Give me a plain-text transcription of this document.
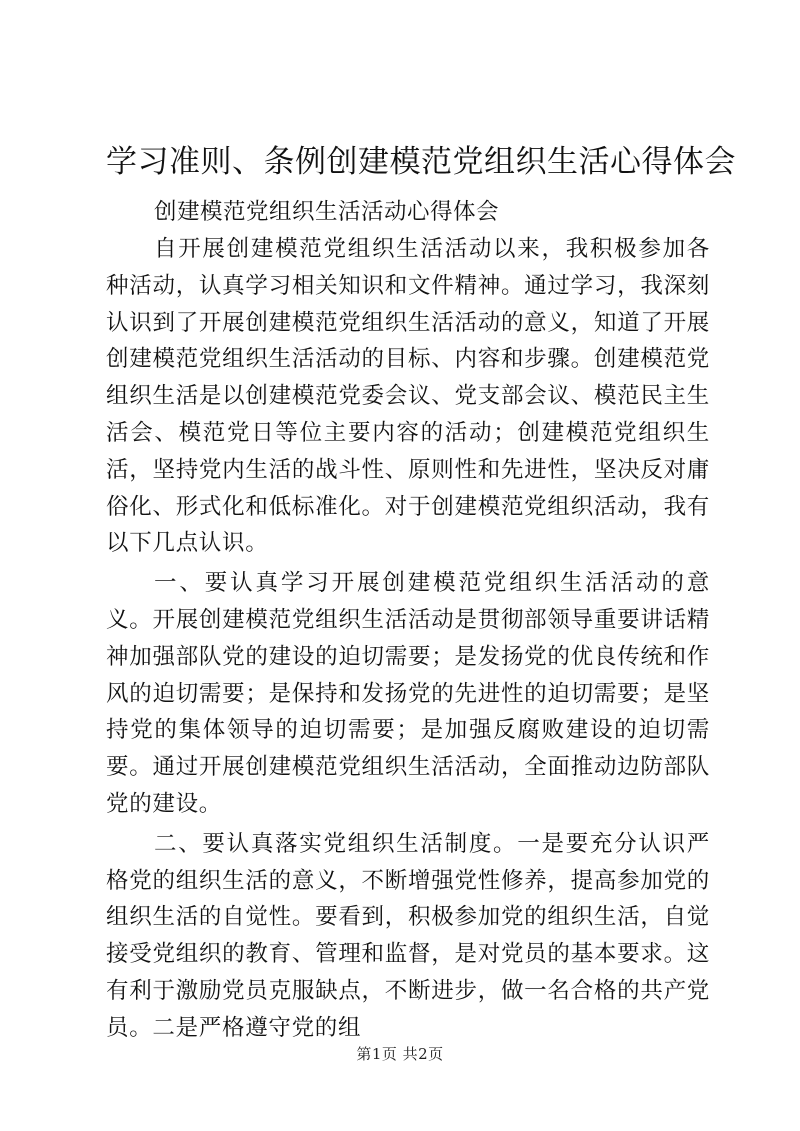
学习准则、条例创建模范党组织生活心得体会

创建模范党组织生活活动心得体会

自开展创建模范党组织生活活动以来，我积极参加各种活动，认真学习相关知识和文件精神。通过学习，我深刻认识到了开展创建模范党组织生活活动的意义，知道了开展创建模范党组织生活活动的目标、内容和步骤。创建模范党组织生活是以创建模范党委会议、党支部会议、模范民主生活会、模范党日等位主要内容的活动；创建模范党组织生活，坚持党内生活的战斗性、原则性和先进性，坚决反对庸俗化、形式化和低标准化。对于创建模范党组织活动，我有以下几点认识。

一、要认真学习开展创建模范党组织生活活动的意义。开展创建模范党组织生活活动是贯彻部领导重要讲话精神加强部队党的建设的迫切需要；是发扬党的优良传统和作风的迫切需要；是保持和发扬党的先进性的迫切需要；是坚持党的集体领导的迫切需要；是加强反腐败建设的迫切需要。通过开展创建模范党组织生活活动，全面推动边防部队党的建设。

二、要认真落实党组织生活制度。一是要充分认识严格党的组织生活的意义，不断增强党性修养，提高参加党的组织生活的自觉性。要看到，积极参加党的组织生活，自觉接受党组织的教育、管理和监督，是对党员的基本要求。这有利于激励党员克服缺点，不断进步，做一名合格的共产党员。二是严格遵守党的组

第1页 共2页
